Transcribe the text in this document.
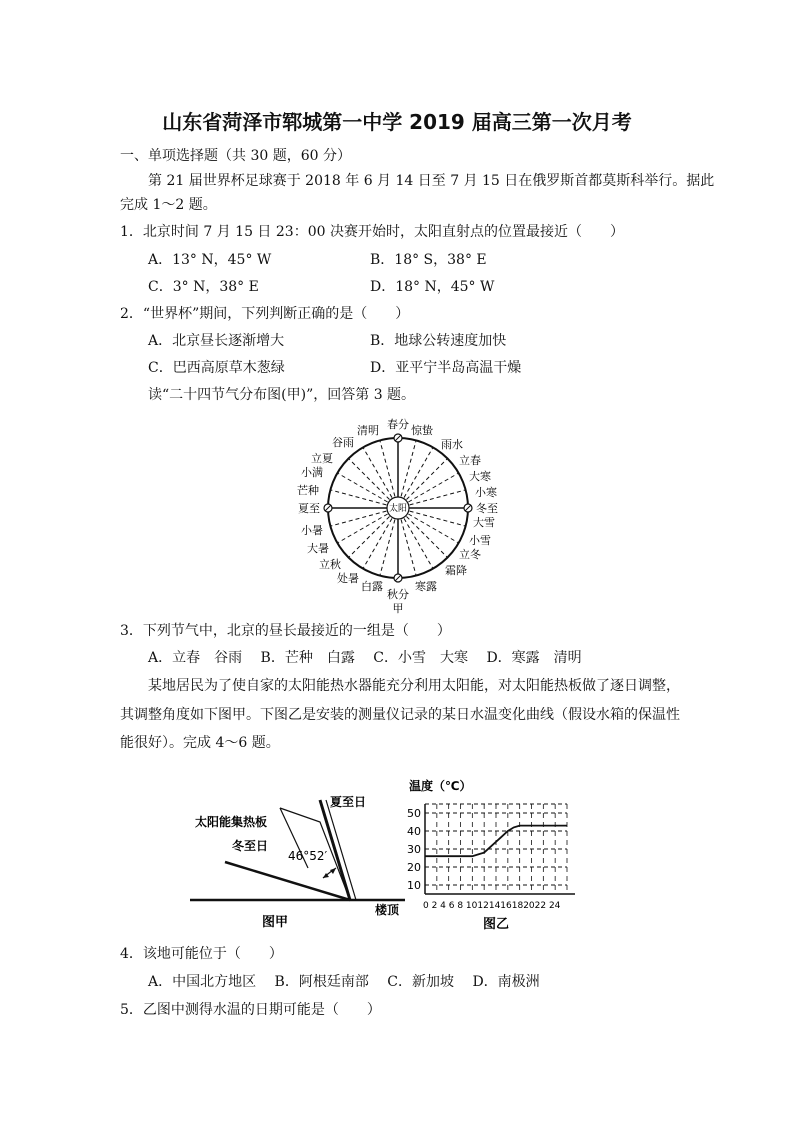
山东省菏泽市郓城第一中学 2019 届高三第一次月考
一、单项选择题（共 30 题，60 分）
第 21 届世界杯足球赛于 2018 年 6 月 14 日至 7 月 15 日在俄罗斯首都莫斯科举行。据此
完成 1～2 题。
1．北京时间 7 月 15 日 23：00 决赛开始时，太阳直射点的位置最接近（　　）
A．13° N，45° W	B．18° S，38° E
C．3° N，38° E	D．18° N，45° W
2．“世界杯”期间，下列判断正确的是（　　）
A．北京昼长逐渐增大	B．地球公转速度加快
C．巴西高原草木葱绿	D．亚平宁半岛高温干燥
读“二十四节气分布图(甲)”，回答第 3 题。
太阳
春分
秋分
甲
夏至	冬至
清明
谷雨
立夏
小满
芒种
惊蛰
雨水
立春
大寒
小寒
小暑
大暑
立秋
处暑
白露
大雪
小雪
立冬
霜降
寒露
3．下列节气中，北京的昼长最接近的一组是（　　）
A．立春　谷雨　 B．芒种　白露　 C．小雪　大寒　 D．寒露　清明
某地居民为了使自家的太阳能热水器能充分利用太阳能，对太阳能热板做了逐日调整，
其调整角度如下图甲。下图乙是安装的测量仪记录的某日水温变化曲线（假设水箱的保温性
能很好）。完成 4～6 题。
太阳能集热板
夏至日
冬至日
46°52′
楼顶
图甲
温度（℃）
10
20
30
40
50
0 2 4 6 8 10121416182022 24
图乙
4．该地可能位于（　　）
A．中国北方地区　 B．阿根廷南部　 C．新加坡　 D．南极洲
5．乙图中测得水温的日期可能是（　　）
